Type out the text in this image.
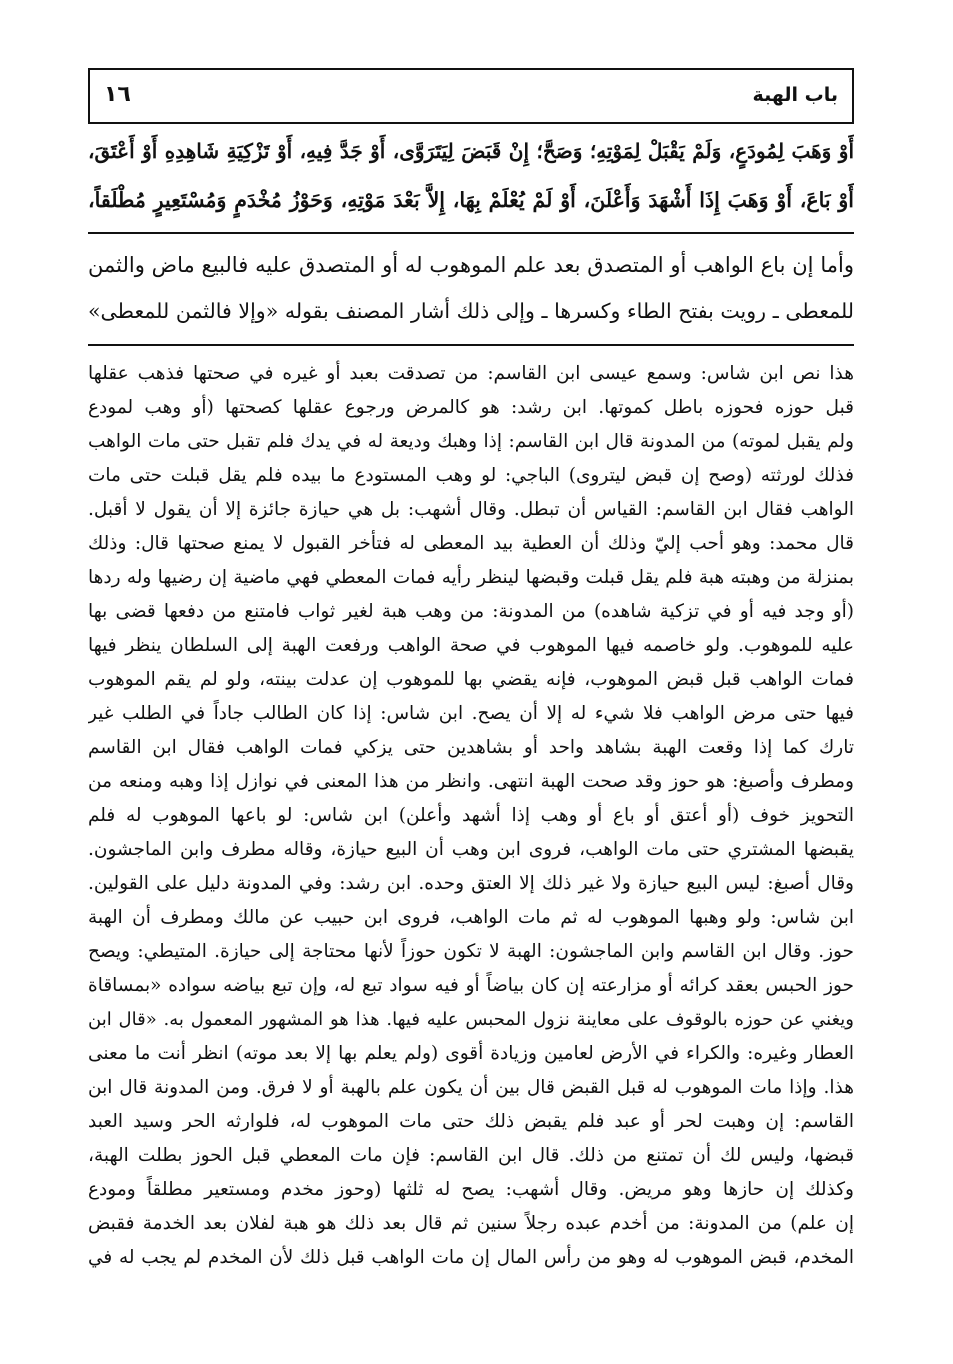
باب الهبة
١٦
أَوْ وَهَبَ لِمُودَعٍ، وَلَمْ يَقْبَلْ لِمَوْتِهِ؛ وَصَحَّ؛ إِنْ قَبَضَ لِيَتَرَوَّى، أَوْ جَدَّ فِيهِ، أَوْ تَزْكِيَةِ شَاهِدِهِ أَوْ أَعْتَقَ،
أَوْ بَاعَ، أَوْ وَهَبَ إِذَا أَشْهَدَ وَأَعْلَنَ، أَوْ لَمْ يُعْلَمْ بِهَا، إِلاَّ بَعْدَ مَوْتِهِ، وَحَوْزُ مُخْدَمٍ وَمُسْتَعِيرٍ مُطْلَقاً،
وأما إن باع الواهب أو المتصدق بعد علم الموهوب له أو المتصدق عليه فالبيع ماض والثمن
للمعطى ـ رويت بفتح الطاء وكسرها ـ وإلى ذلك أشار المصنف بقوله «وإلا فالثمن للمعطى»
هذا نص ابن شاس: وسمع عيسى ابن القاسم: من تصدقت بعبد أو غيره في صحتها فذهب عقلها
قبل حوزه فحوزه باطل كموتها. ابن رشد: هو كالمرض ورجوع عقلها كصحتها (أو وهب لمودع
ولم يقبل لموته) من المدونة قال ابن القاسم: إذا وهبك وديعة له في يدك فلم تقبل حتى مات الواهب
فذلك لورثته (وصح إن قبض ليتروى) الباجي: لو وهب المستودع ما بيده فلم يقل قبلت حتى مات
الواهب فقال ابن القاسم: القياس أن تبطل. وقال أشهب: بل هي حيازة جائزة إلا أن يقول لا أقبل.
قال محمد: وهو أحب إليّ وذلك أن العطية بيد المعطى له فتأخر القبول لا يمنع صحتها قال: وذلك
بمنزلة من وهبته هبة فلم يقل قبلت وقبضها لينظر رأيه فمات المعطي فهي ماضية إن رضيها وله ردها
(أو وجد فيه أو في تزكية شاهده) من المدونة: من وهب هبة لغير ثواب فامتنع من دفعها قضى بها
عليه للموهوب. ولو خاصمه فيها الموهوب في صحة الواهب ورفعت الهبة إلى السلطان ينظر فيها
فمات الواهب قبل قبض الموهوب، فإنه يقضي بها للموهوب إن عدلت بينته، ولو لم يقم الموهوب
فيها حتى مرض الواهب فلا شيء له إلا أن يصح. ابن شاس: إذا كان الطالب جاداً في الطلب غير
تارك كما إذا وقعت الهبة بشاهد واحد أو بشاهدين حتى يزكي فمات الواهب فقال ابن القاسم
ومطرف وأصبغ: هو حوز وقد صحت الهبة انتهى. وانظر من هذا المعنى في نوازل إذا وهبه ومنعه من
التحويز خوف (أو أعتق أو باع أو وهب إذا أشهد وأعلن) ابن شاس: لو باعها الموهوب له فلم
يقبضها المشتري حتى مات الواهب، فروى ابن وهب أن البيع حيازة، وقاله مطرف وابن الماجشون.
وقال أصبغ: ليس البيع حيازة ولا غير ذلك إلا العتق وحده. ابن رشد: وفي المدونة دليل على القولين.
ابن شاس: ولو وهبها الموهوب له ثم مات الواهب، فروى ابن حبيب عن مالك ومطرف أن الهبة
حوز. وقال ابن القاسم وابن الماجشون: الهبة لا تكون حوزاً لأنها محتاجة إلى حيازة. المتيطي: ويصح
حوز الحبس بعقد كرائه أو مزارعته إن كان بياضاً أو فيه سواد تبع له، وإن تبع بياضه سواده «بمساقاة
ويغني عن حوزه بالوقوف على معاينة نزول المحبس عليه فيها. هذا هو المشهور المعمول به. «قال ابن
العطار وغيره: والكراء في الأرض لعامين وزيادة أقوى (ولم يعلم بها إلا بعد موته) انظر أنت ما معنى
هذا. وإذا مات الموهوب له قبل القبض قال بين أن يكون علم بالهبة أو لا فرق. ومن المدونة قال ابن
القاسم: إن وهبت لحر أو عبد فلم يقبض ذلك حتى مات الموهوب له، فلوارثه الحر وسيد العبد
قبضها، وليس لك أن تمتنع من ذلك. قال ابن القاسم: فإن مات المعطي قبل الحوز بطلت الهبة،
وكذلك إن حازها وهو مريض. وقال أشهب: يصح له ثلثها (وحوز مخدم ومستعير مطلقاً ومودع
إن علم) من المدونة: من أخدم عبده رجلاً سنين ثم قال بعد ذلك هو هبة لفلان بعد الخدمة فقبض
المخدم، قبض الموهوب له وهو من رأس المال إن مات الواهب قبل ذلك لأن المخدم لم يجب له في
